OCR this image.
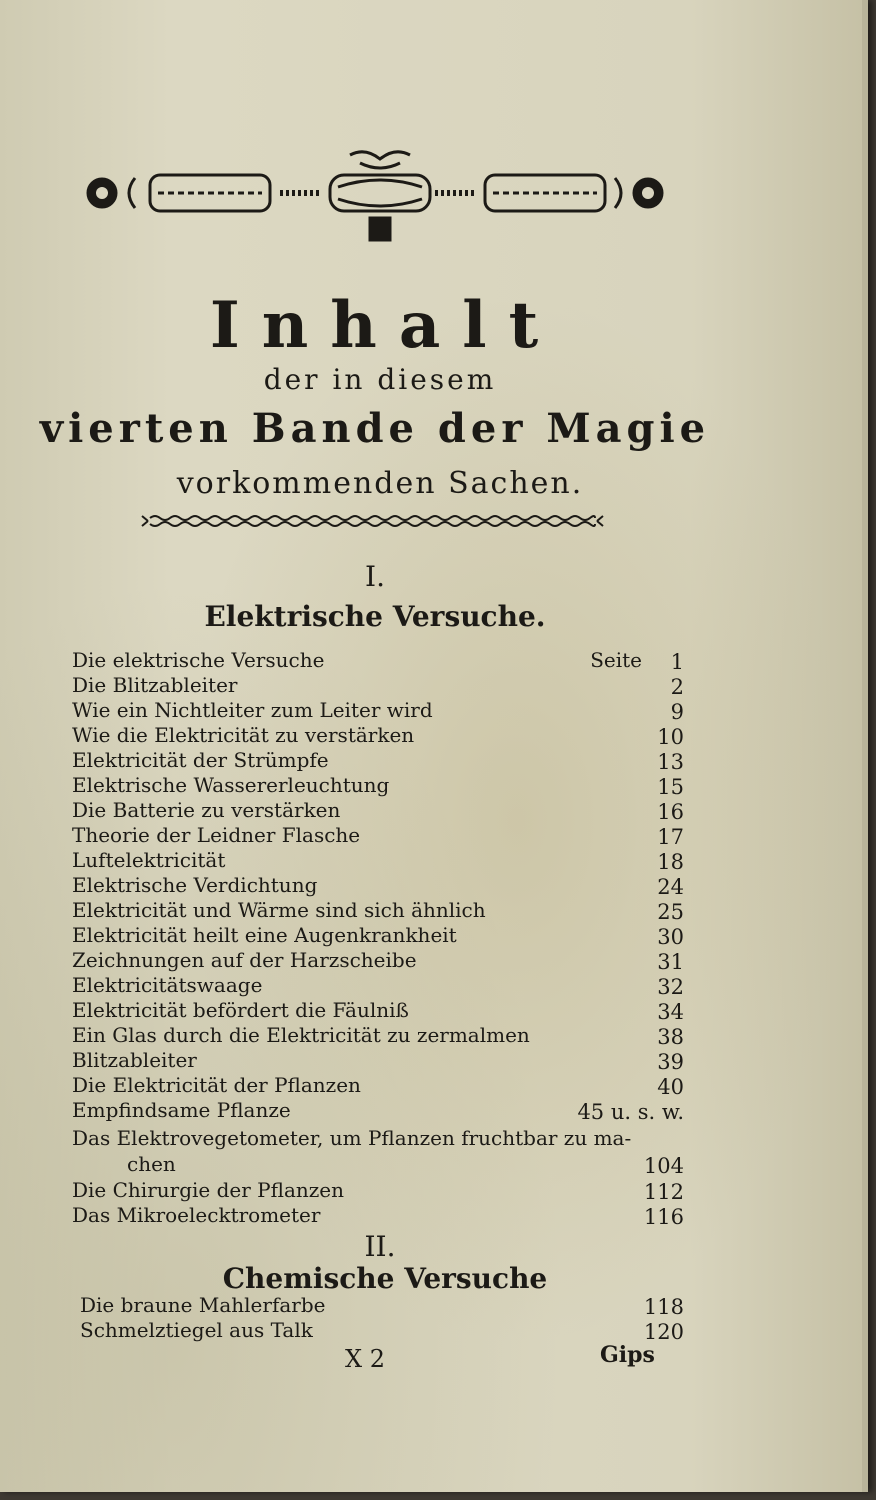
Inhalt
der in diesem
vierten Bande der Magie
vorkommenden Sachen.
I.
Elektrische Versuche.
Die elektrische Versuche	Seite 1
Die Blitzableiter	2
Wie ein Nichtleiter zum Leiter wird	9
Wie die Elektricität zu verstärken	10
Elektricität der Strümpfe	13
Elektrische Wassererleuchtung	15
Die Batterie zu verstärken	16
Theorie der Leidner Flasche	17
Luftelektricität	18
Elektrische Verdichtung	24
Elektricität und Wärme sind sich ähnlich	25
Elektricität heilt eine Augenkrankheit	30
Zeichnungen auf der Harzscheibe	31
Elektricitätswaage	32
Elektricität befördert die Fäulniß	34
Ein Glas durch die Elektricität zu zermalmen	38
Blitzableiter	39
Die Elektricität der Pflanzen	40
Empfindsame Pflanze	45 u. s. w.
Das Elektrovegetometer, um Pflanzen fruchtbar zu ma-
chen	104
Die Chirurgie der Pflanzen	112
Das Mikroeleсktrometer	116
II.
Chemische Versuche
Die braune Mahlerfarbe	118
Schmelztiegel aus Talk	120
X 2	Gips
